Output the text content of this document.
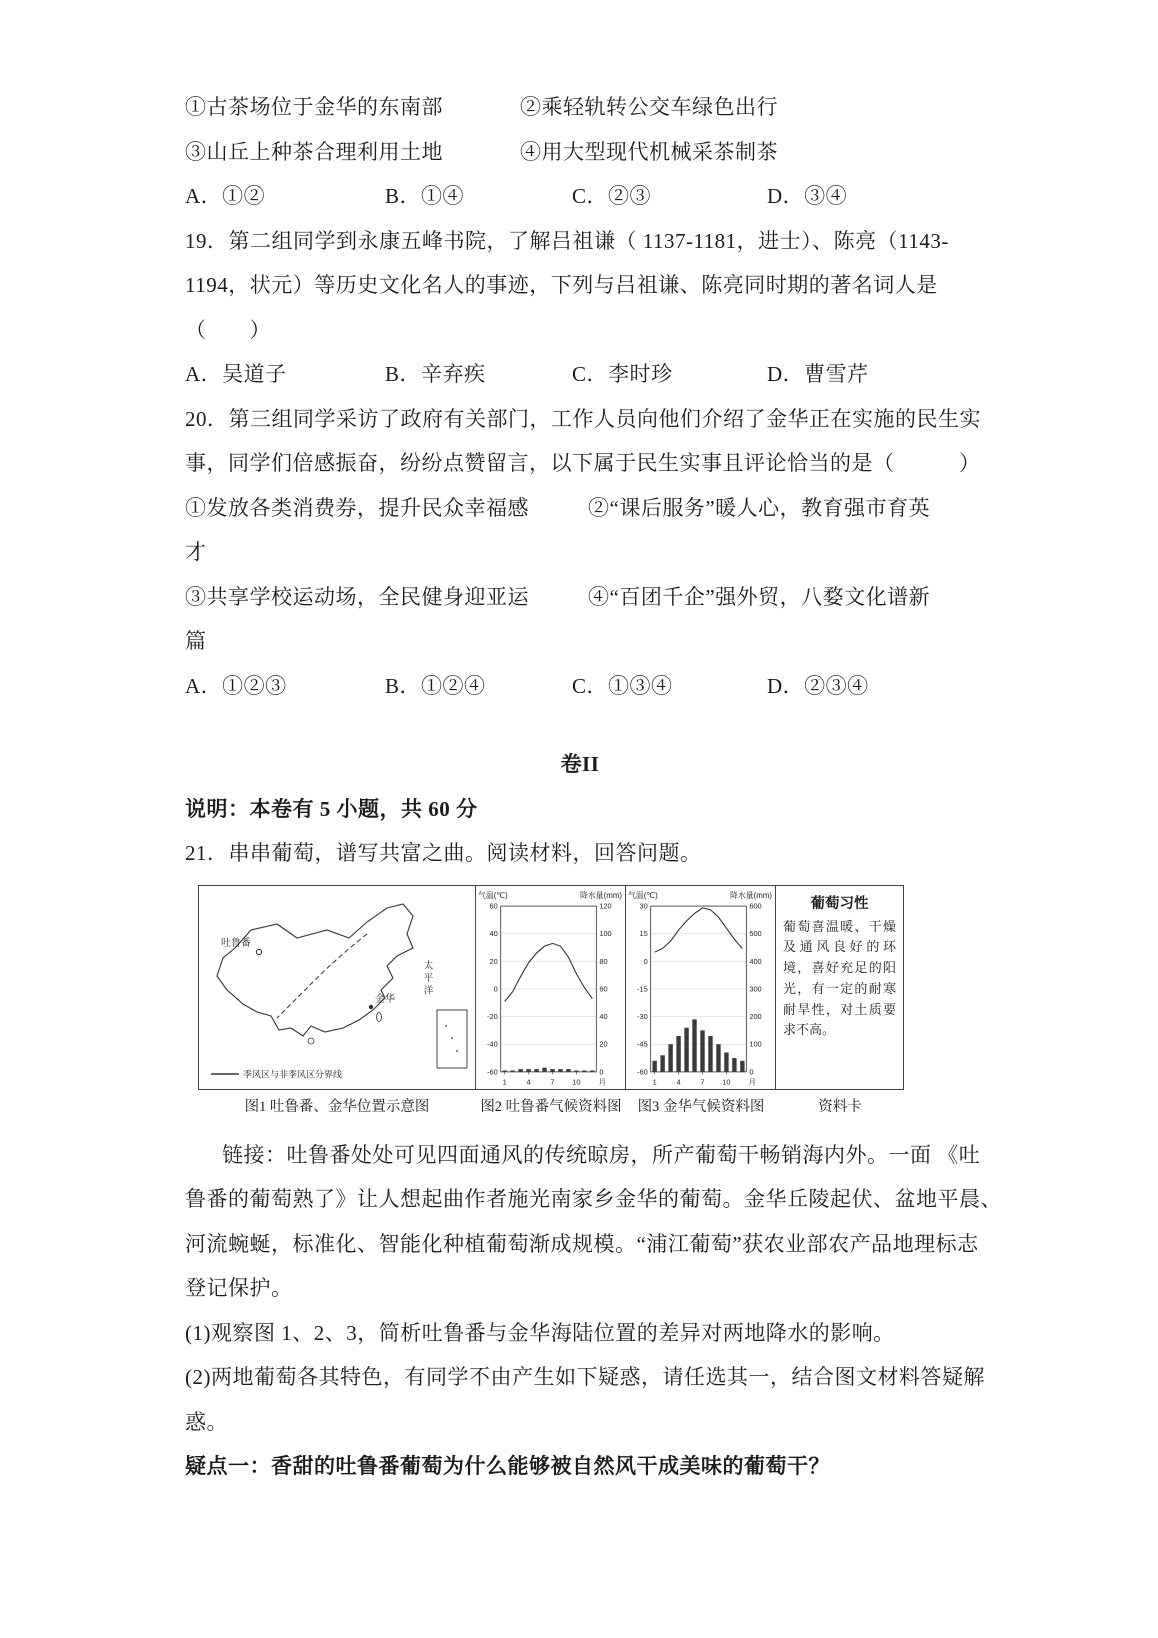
①古茶场位于金华的东南部	②乘轻轨转公交车绿色出行
③山丘上种茶合理利用土地	④用大型现代机械采茶制茶
A．①②	B．①④	C．②③	D．③④
19．第二组同学到永康五峰书院，了解吕祖谦（ 1137-1181，进士）、陈亮（1143-
1194，状元）等历史文化名人的事迹，下列与吕祖谦、陈亮同时期的著名词人是
（　　）
A．吴道子	B．辛弃疾	C．李时珍	D．曹雪芹
20．第三组同学采访了政府有关部门，工作人员向他们介绍了金华正在实施的民生实
事，同学们倍感振奋，纷纷点赞留言，以下属于民生实事且评论恰当的是（　　　）
①发放各类消费券，提升民众幸福感	②“课后服务”暖人心，教育强市育英
才
③共享学校运动场，全民健身迎亚运	④“百团千企”强外贸，八婺文化谱新
篇
A．①②③	B．①②④	C．①③④	D．②③④
卷II
说明：本卷有 5 小题，共 60 分
21．串串葡萄，谱写共富之曲。阅读材料，回答问题。
吐鲁番
金华
太平洋
季风区与非季风区分界线
气温(℃)	降水量(mm)
-60
-40
-20
0
20
40
60
0
20
40
60
80
100
120
1	4	7 10 月
气温(℃)	降水量(mm)
-60
-45
-30
-15
0
15
30
0
100
200
300
400
500
600
1	4	7 10 月
葡萄习性
葡萄喜温暖、干燥及通风良好的环境，喜好充足的阳光，有一定的耐寒耐旱性，对土质要求不高。
图1 吐鲁番、金华位置示意图	图2 吐鲁番气候资料图	图3 金华气候资料图	资料卡
链接：吐鲁番处处可见四面通风的传统晾房，所产葡萄干畅销海内外。一面 《吐
鲁番的葡萄熟了》让人想起曲作者施光南家乡金华的葡萄。金华丘陵起伏、盆地平晨、
河流蜿蜒，标准化、智能化种植葡萄渐成规模。“浦江葡萄”获农业部农产品地理标志
登记保护。
(1)观察图 1、2、3，简析吐鲁番与金华海陆位置的差异对两地降水的影响。
(2)两地葡萄各其特色，有同学不由产生如下疑惑，请任选其一，结合图文材料答疑解
惑。
疑点一：香甜的吐鲁番葡萄为什么能够被自然风干成美味的葡萄干？
